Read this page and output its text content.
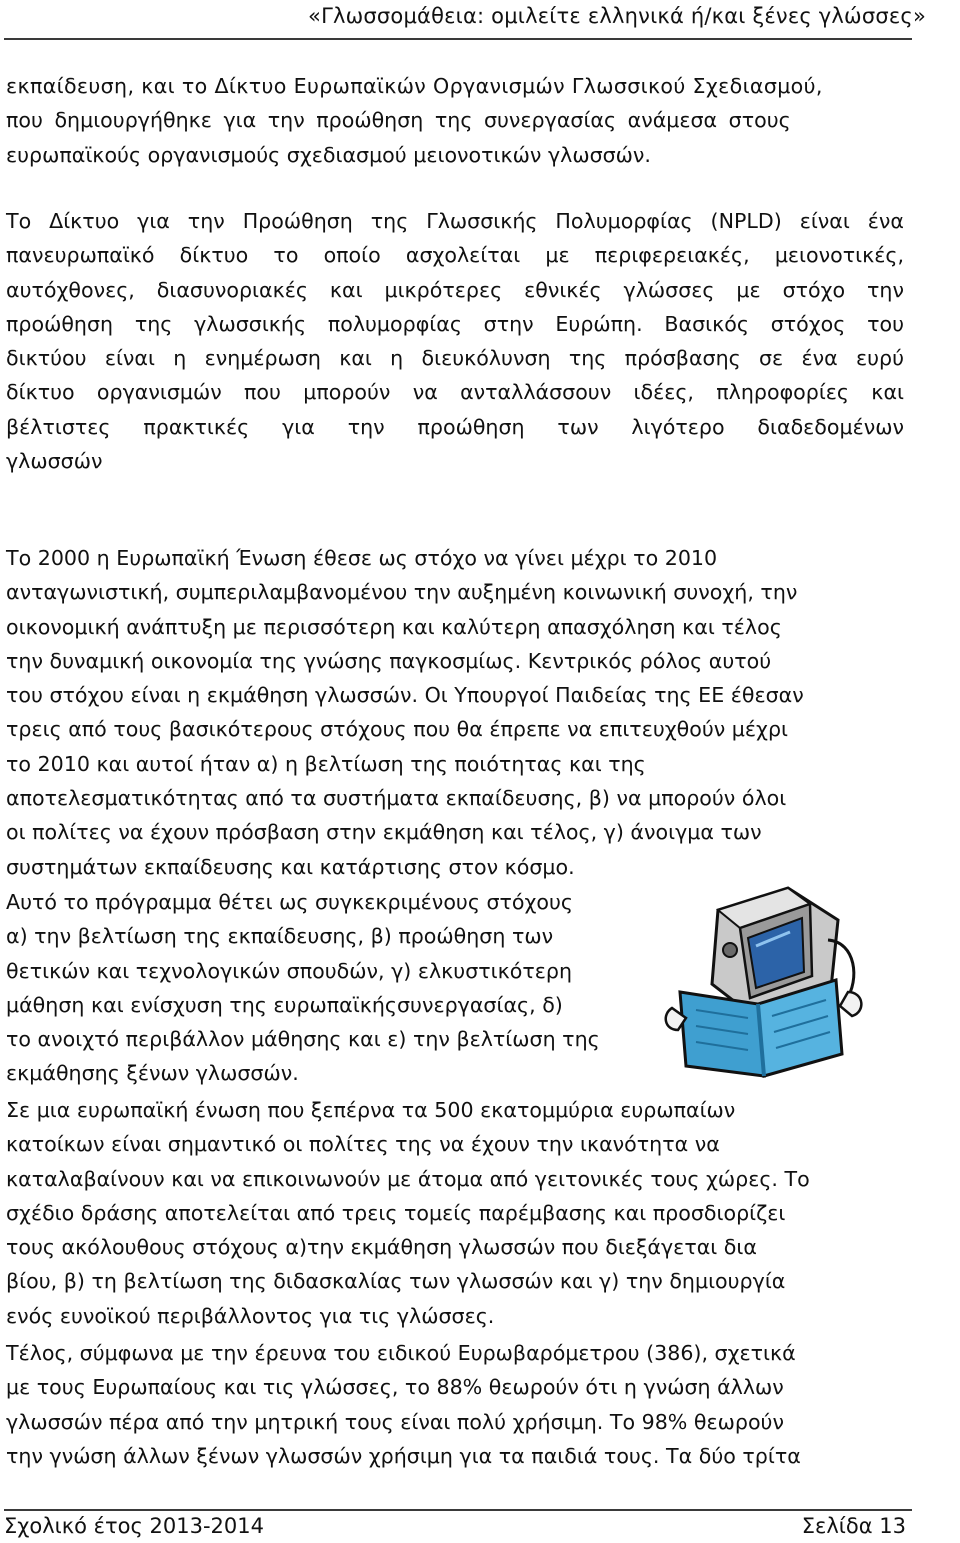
«Γλωσσομάθεια: ομιλείτε ελληνικά ή/και ξένες γλώσσες»
εκπαίδευση, και το Δίκτυο Ευρωπαϊκών Οργανισμών Γλωσσικού Σχεδιασμού,
που δημιουργήθηκε για την προώθηση της συνεργασίας ανάμεσα στους
ευρωπαϊκούς οργανισμούς σχεδιασμού μειονοτικών γλωσσών.
Το Δίκτυο για την Προώθηση της Γλωσσικής Πολυμορφίας (NPLD) είναι ένα
πανευρωπαϊκό δίκτυο το οποίο ασχολείται με περιφερειακές, μειονοτικές,
αυτόχθονες, διασυνοριακές και μικρότερες εθνικές γλώσσες με στόχο την
προώθηση της γλωσσικής πολυμορφίας στην Ευρώπη. Βασικός στόχος του
δικτύου είναι η ενημέρωση και η διευκόλυνση της πρόσβασης σε ένα ευρύ
δίκτυο οργανισμών που μπορούν να ανταλλάσσουν ιδέες, πληροφορίες και
βέλτιστες πρακτικές για την προώθηση των λιγότερο διαδεδομένων
γλωσσών
Το 2000 η Ευρωπαϊκή Ένωση έθεσε ως στόχο να γίνει μέχρι το 2010
ανταγωνιστική, συμπεριλαμβανομένου την αυξημένη κοινωνική συνοχή, την
οικονομική ανάπτυξη με περισσότερη και καλύτερη απασχόληση και τέλος
την δυναμική οικονομία της γνώσης παγκοσμίως. Κεντρικός ρόλος αυτού
του στόχου είναι η εκμάθηση γλωσσών. Οι Υπουργοί Παιδείας της ΕΕ έθεσαν
τρεις από τους βασικότερους στόχους που θα έπρεπε να επιτευχθούν μέχρι
το 2010 και αυτοί ήταν α) η βελτίωση της ποιότητας και της
αποτελεσματικότητας από τα συστήματα εκπαίδευσης, β) να μπορούν όλοι
οι πολίτες να έχουν πρόσβαση στην εκμάθηση και τέλος, γ) άνοιγμα των
συστημάτων εκπαίδευσης και κατάρτισης στον κόσμο.
Αυτό το πρόγραμμα θέτει ως συγκεκριμένους στόχους
α) την βελτίωση της εκπαίδευσης, β) προώθηση των
θετικών και τεχνολογικών σπουδών, γ) ελκυστικότερη
μάθηση και ενίσχυση της ευρωπαϊκήςσυνεργασίας, δ)
το ανοιχτό περιβάλλον μάθησης και ε) την βελτίωση της
εκμάθησης ξένων γλωσσών.
Σε μια ευρωπαϊκή ένωση που ξεπέρνα τα 500 εκατομμύρια ευρωπαίων
κατοίκων είναι σημαντικό οι πολίτες της να έχουν την ικανότητα να
καταλαβαίνουν και να επικοινωνούν με άτομα από γειτονικές τους χώρες. Το
σχέδιο δράσης αποτελείται από τρεις τομείς παρέμβασης και προσδιορίζει
τους ακόλουθους στόχους α)την εκμάθηση γλωσσών που διεξάγεται δια
βίου, β) τη βελτίωση της διδασκαλίας των γλωσσών και γ) την δημιουργία
ενός ευνοϊκού περιβάλλοντος για τις γλώσσες.
Τέλος, σύμφωνα με την έρευνα του ειδικού Ευρωβαρόμετρου (386), σχετικά
με τους Ευρωπαίους και τις γλώσσες, το 88% θεωρούν ότι η γνώση άλλων
γλωσσών πέρα από την μητρική τους είναι πολύ χρήσιμη. Το 98% θεωρούν
την γνώση άλλων ξένων γλωσσών χρήσιμη για τα παιδιά τους. Τα δύο τρίτα
Σχολικό έτος 2013-2014	Σελίδα 13
